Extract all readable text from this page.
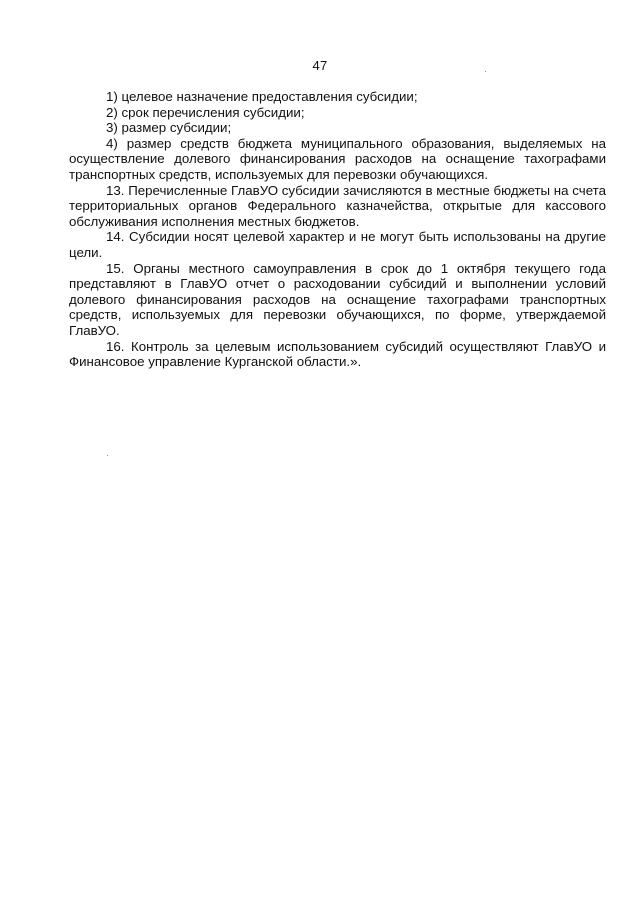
47

1) целевое назначение предоставления субсидии;

2) срок перечисления субсидии;

3) размер субсидии;

4) размер средств бюджета муниципального образования, выделяемых на осуществление долевого финансирования расходов на оснащение тахографами транспортных средств, используемых для перевозки обучающихся.

13. Перечисленные ГлавУО субсидии зачисляются в местные бюджеты на счета территориальных органов Федерального казначейства, открытые для кассового обслуживания исполнения местных бюджетов.

14. Субсидии носят целевой характер и не могут быть использованы на другие цели.

15. Органы местного самоуправления в срок до 1 октября текущего года представляют в ГлавУО отчет о расходовании субсидий и выполнении условий долевого финансирования расходов на оснащение тахографами транспортных средств, используемых для перевозки обучающихся, по форме, утверждаемой ГлавУО.

16. Контроль за целевым использованием субсидий осуществляют ГлавУО и Финансовое управление Курганской области.».
